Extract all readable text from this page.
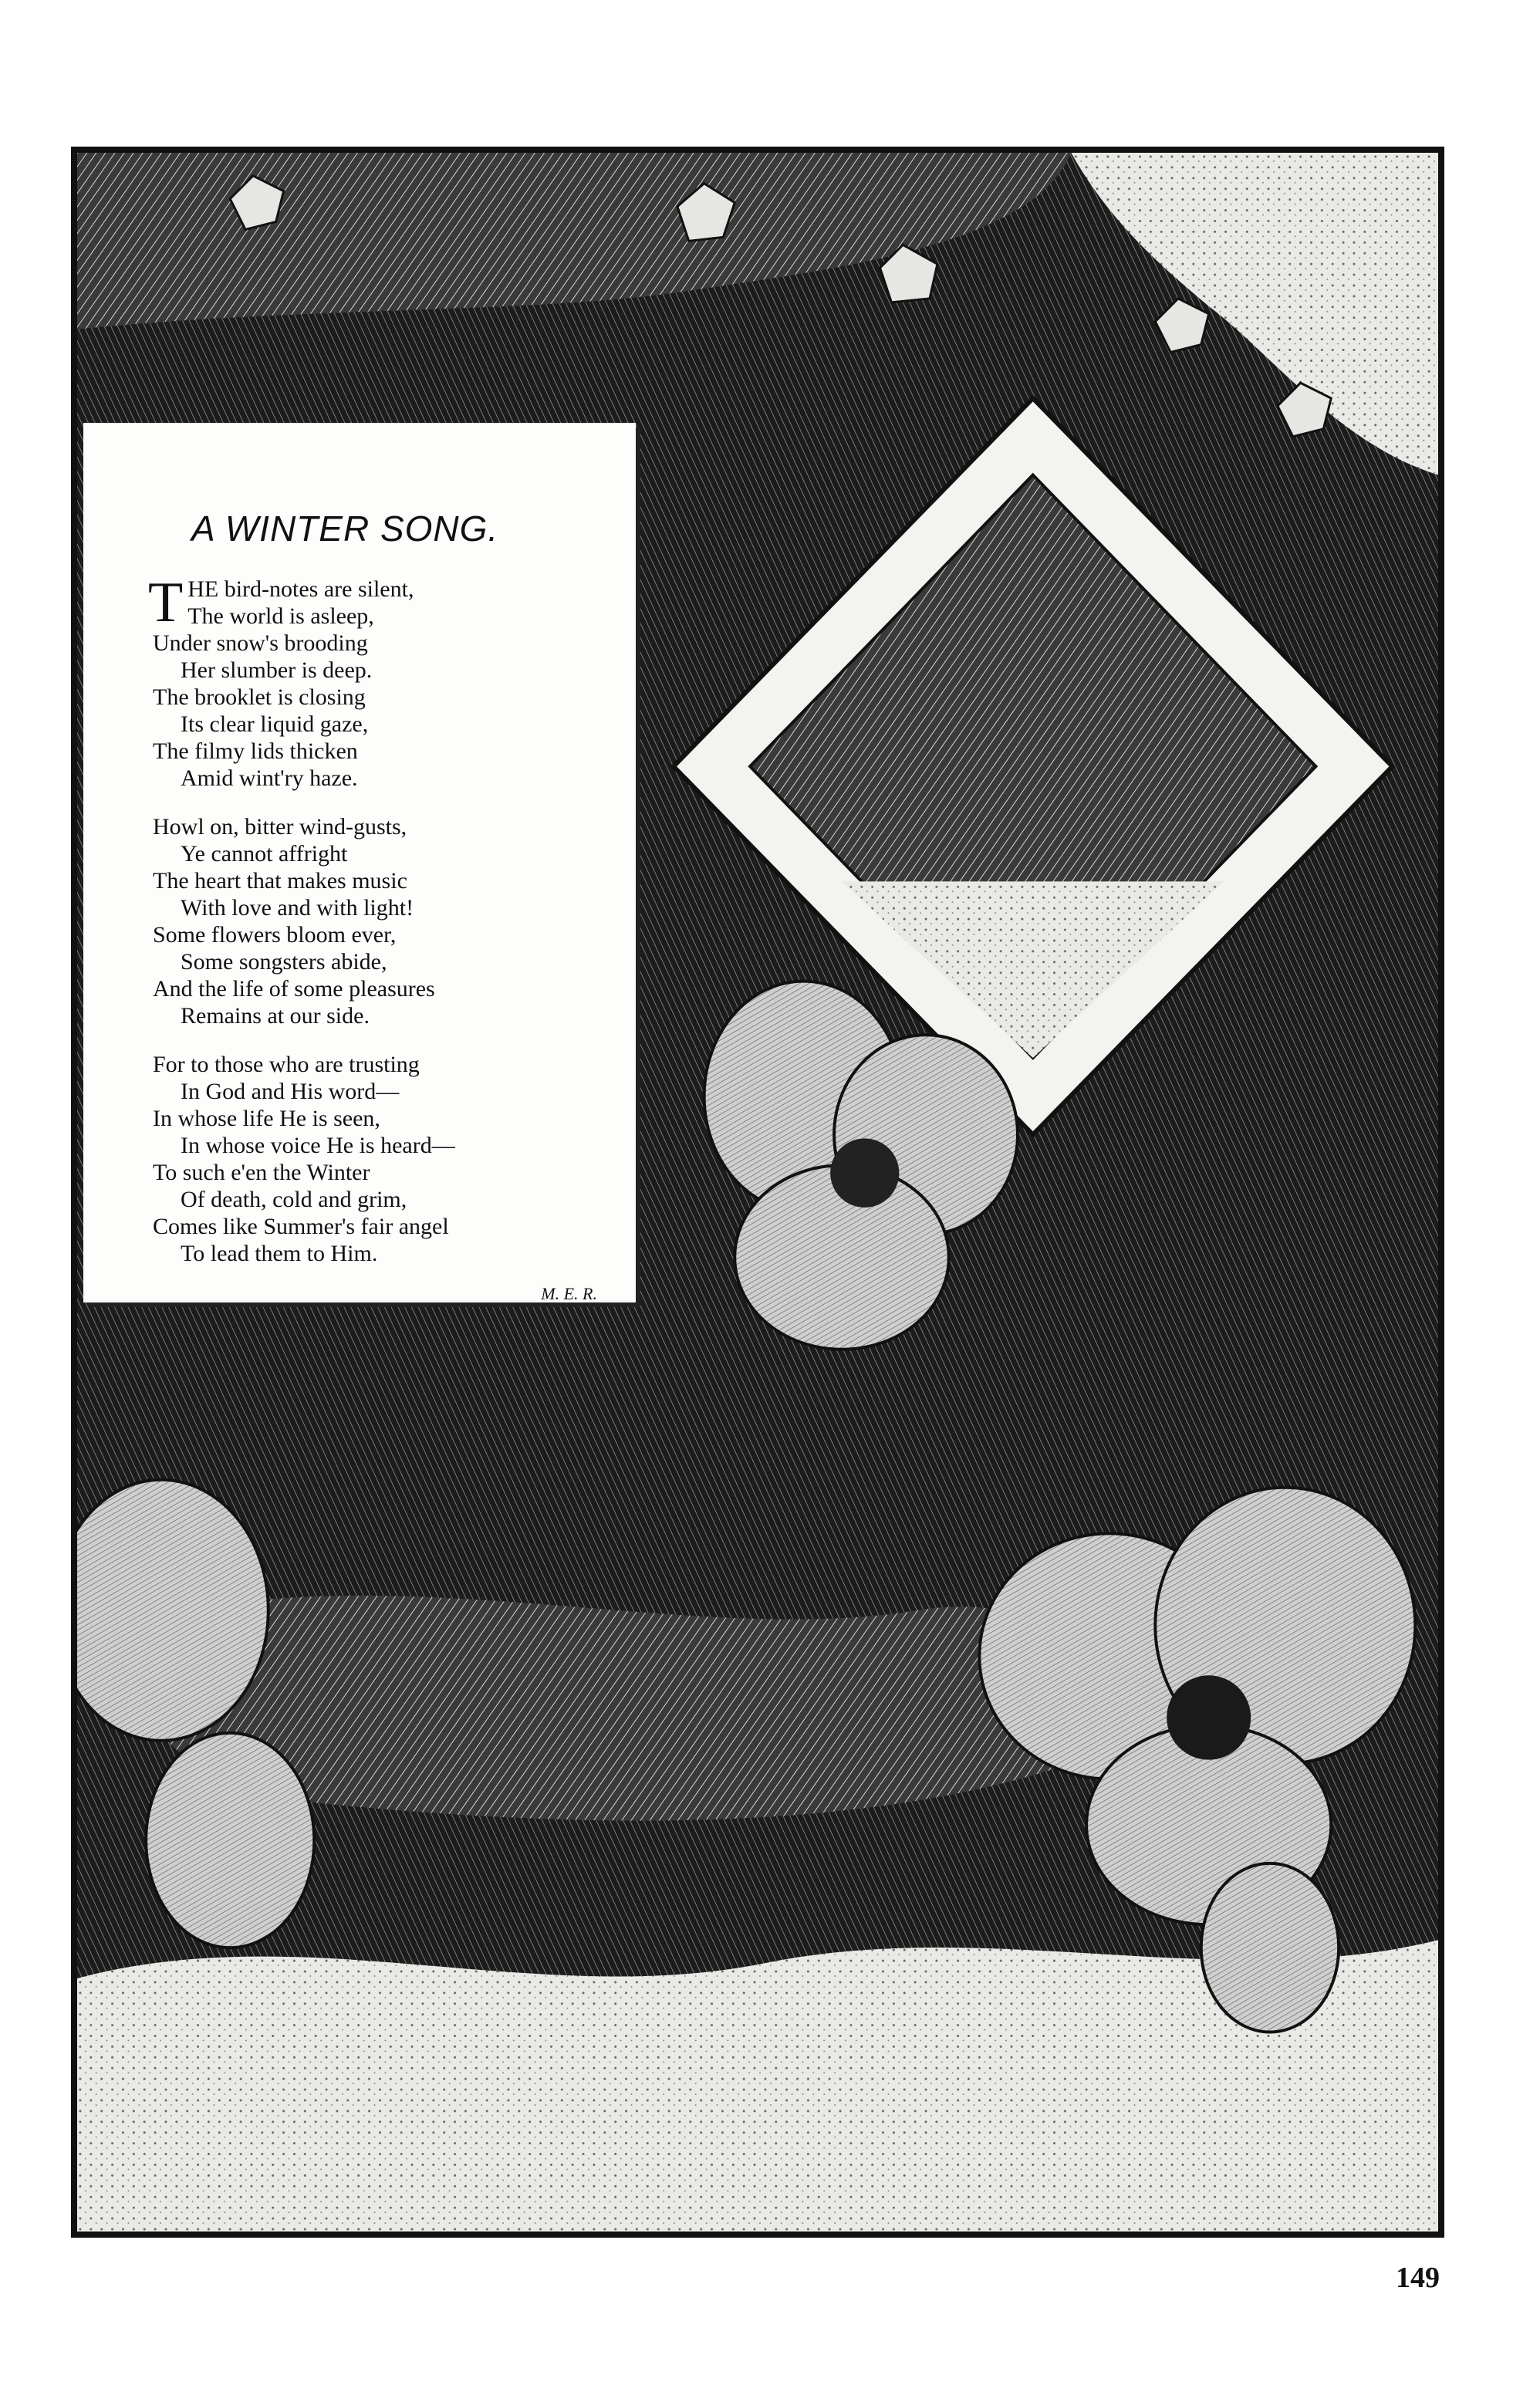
A WINTER SONG.
THE bird-notes are silent,
The world is asleep,
Under snow's brooding
Her slumber is deep.
The brooklet is closing
Its clear liquid gaze,
The filmy lids thicken
Amid wint'ry haze.
Howl on, bitter wind-gusts,
Ye cannot affright
The heart that makes music
With love and with light!
Some flowers bloom ever,
Some songsters abide,
And the life of some pleasures
Remains at our side.
For to those who are trusting
In God and His word—
In whose life He is seen,
In whose voice He is heard—
To such e'en the Winter
Of death, cold and grim,
Comes like Summer's fair angel
To lead them to Him.
M. E. R.
149
